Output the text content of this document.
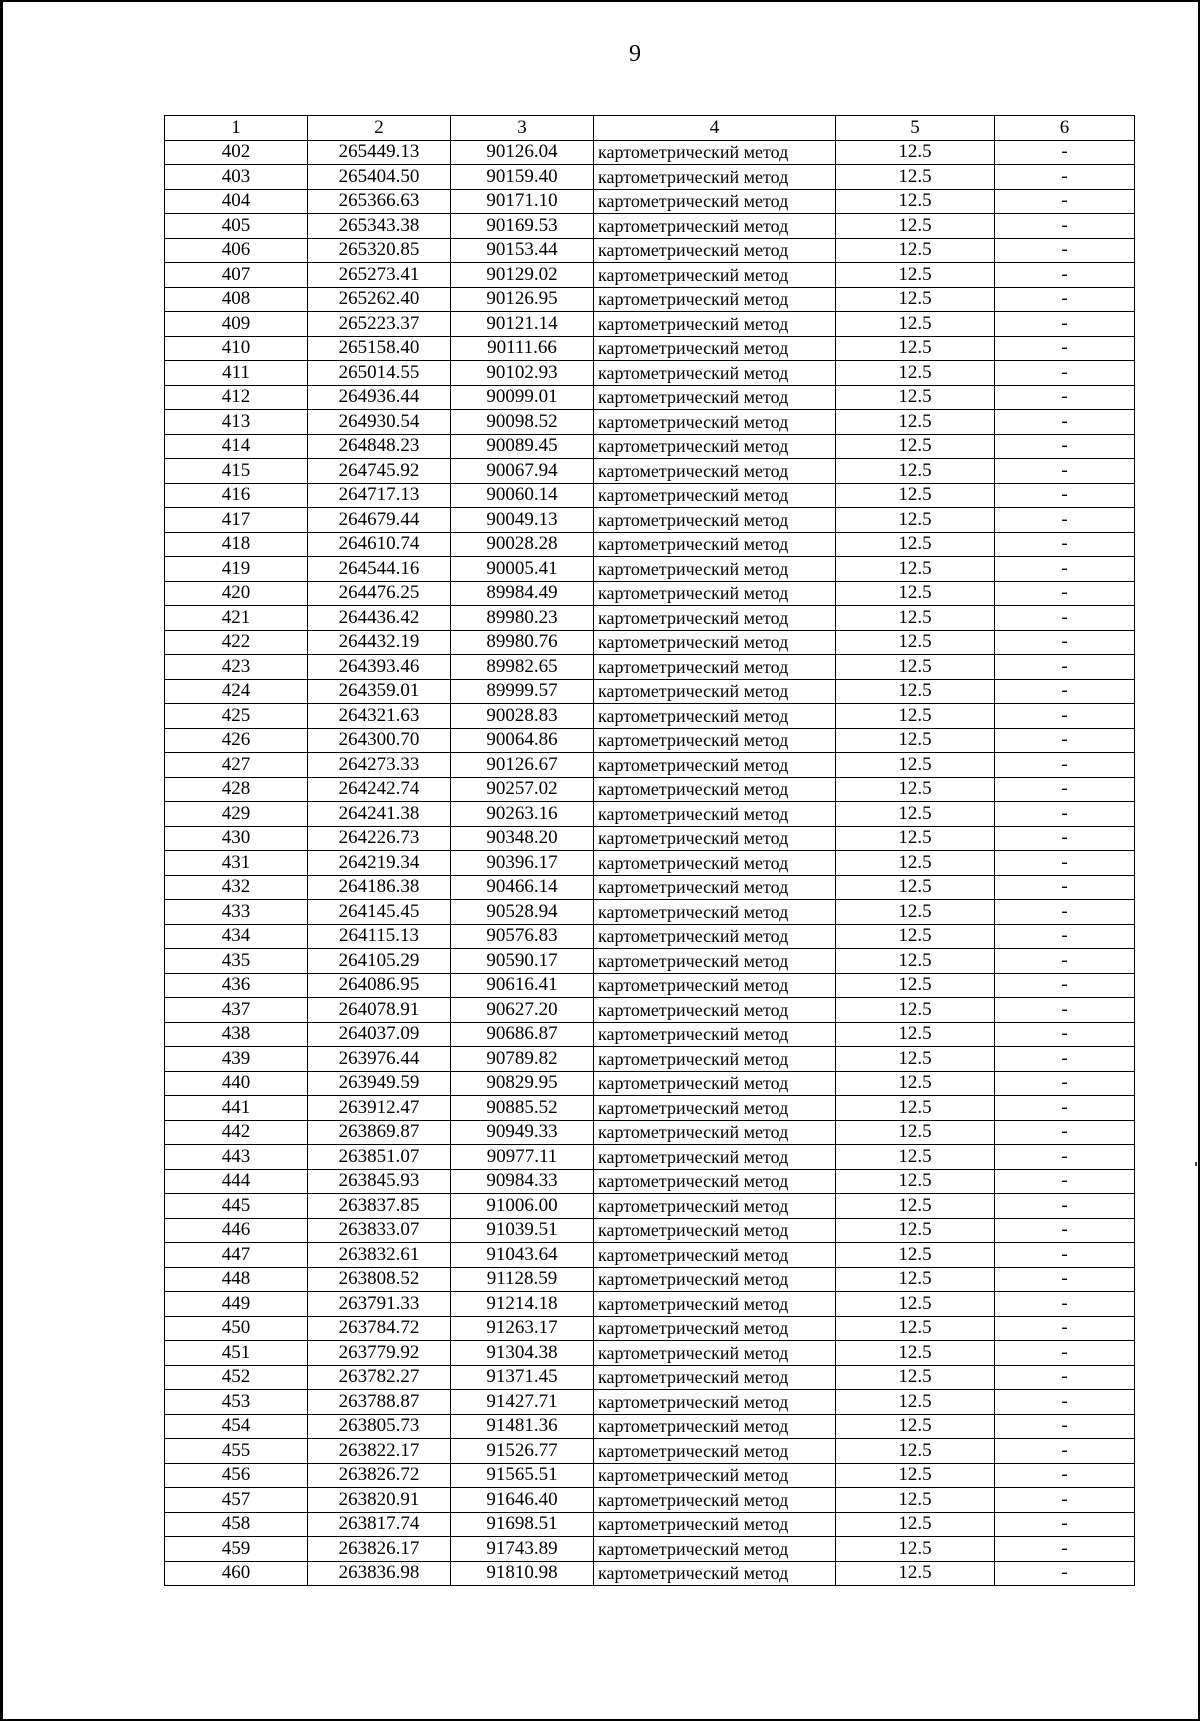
9
1	2	3	4	5	6
402	265449.13	90126.04	картометрический метод	12.5	-
403	265404.50	90159.40	картометрический метод	12.5	-
404	265366.63	90171.10	картометрический метод	12.5	-
405	265343.38	90169.53	картометрический метод	12.5	-
406	265320.85	90153.44	картометрический метод	12.5	-
407	265273.41	90129.02	картометрический метод	12.5	-
408	265262.40	90126.95	картометрический метод	12.5	-
409	265223.37	90121.14	картометрический метод	12.5	-
410	265158.40	90111.66	картометрический метод	12.5	-
411	265014.55	90102.93	картометрический метод	12.5	-
412	264936.44	90099.01	картометрический метод	12.5	-
413	264930.54	90098.52	картометрический метод	12.5	-
414	264848.23	90089.45	картометрический метод	12.5	-
415	264745.92	90067.94	картометрический метод	12.5	-
416	264717.13	90060.14	картометрический метод	12.5	-
417	264679.44	90049.13	картометрический метод	12.5	-
418	264610.74	90028.28	картометрический метод	12.5	-
419	264544.16	90005.41	картометрический метод	12.5	-
420	264476.25	89984.49	картометрический метод	12.5	-
421	264436.42	89980.23	картометрический метод	12.5	-
422	264432.19	89980.76	картометрический метод	12.5	-
423	264393.46	89982.65	картометрический метод	12.5	-
424	264359.01	89999.57	картометрический метод	12.5	-
425	264321.63	90028.83	картометрический метод	12.5	-
426	264300.70	90064.86	картометрический метод	12.5	-
427	264273.33	90126.67	картометрический метод	12.5	-
428	264242.74	90257.02	картометрический метод	12.5	-
429	264241.38	90263.16	картометрический метод	12.5	-
430	264226.73	90348.20	картометрический метод	12.5	-
431	264219.34	90396.17	картометрический метод	12.5	-
432	264186.38	90466.14	картометрический метод	12.5	-
433	264145.45	90528.94	картометрический метод	12.5	-
434	264115.13	90576.83	картометрический метод	12.5	-
435	264105.29	90590.17	картометрический метод	12.5	-
436	264086.95	90616.41	картометрический метод	12.5	-
437	264078.91	90627.20	картометрический метод	12.5	-
438	264037.09	90686.87	картометрический метод	12.5	-
439	263976.44	90789.82	картометрический метод	12.5	-
440	263949.59	90829.95	картометрический метод	12.5	-
441	263912.47	90885.52	картометрический метод	12.5	-
442	263869.87	90949.33	картометрический метод	12.5	-
443	263851.07	90977.11	картометрический метод	12.5	-
444	263845.93	90984.33	картометрический метод	12.5	-
445	263837.85	91006.00	картометрический метод	12.5	-
446	263833.07	91039.51	картометрический метод	12.5	-
447	263832.61	91043.64	картометрический метод	12.5	-
448	263808.52	91128.59	картометрический метод	12.5	-
449	263791.33	91214.18	картометрический метод	12.5	-
450	263784.72	91263.17	картометрический метод	12.5	-
451	263779.92	91304.38	картометрический метод	12.5	-
452	263782.27	91371.45	картометрический метод	12.5	-
453	263788.87	91427.71	картометрический метод	12.5	-
454	263805.73	91481.36	картометрический метод	12.5	-
455	263822.17	91526.77	картометрический метод	12.5	-
456	263826.72	91565.51	картометрический метод	12.5	-
457	263820.91	91646.40	картометрический метод	12.5	-
458	263817.74	91698.51	картометрический метод	12.5	-
459	263826.17	91743.89	картометрический метод	12.5	-
460	263836.98	91810.98	картометрический метод	12.5	-
